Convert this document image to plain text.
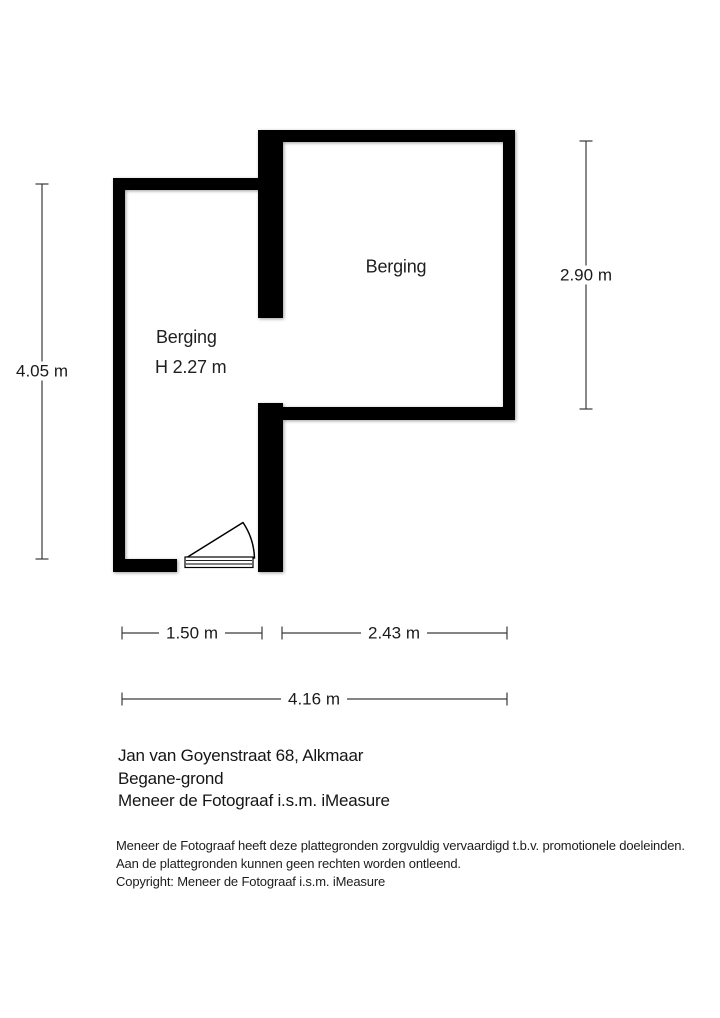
Berging
Berging
H 2.27 m
4.05 m
2.90 m
1.50 m	2.43 m
4.16 m
Jan van Goyenstraat 68, Alkmaar
Begane-grond
Meneer de Fotograaf i.s.m. iMeasure
Meneer de Fotograaf heeft deze plattegronden zorgvuldig vervaardigd t.b.v. promotionele doeleinden.
Aan de plattegronden kunnen geen rechten worden ontleend.
Copyright: Meneer de Fotograaf i.s.m. iMeasure
